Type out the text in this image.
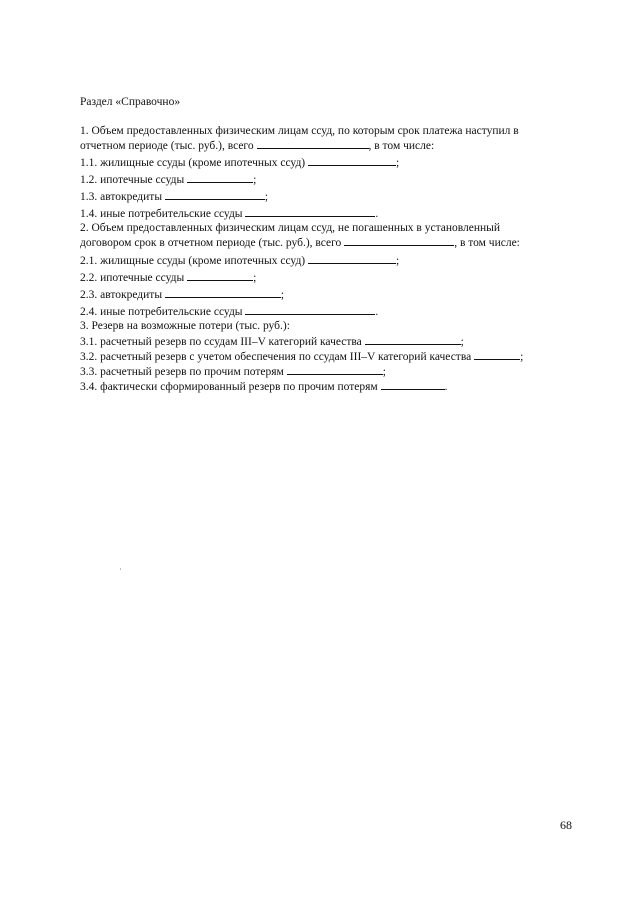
Раздел «Справочно»
1. Объем предоставленных физическим лицам ссуд, по которым срок платежа наступил в
отчетном периоде (тыс. руб.), всего	, в том числе:
1.1. жилищные ссуды (кроме ипотечных ссуд)	;
1.2. ипотечные ссуды	;
1.3. автокредиты	;
1.4. иные потребительские ссуды	.
2. Объем предоставленных физическим лицам ссуд, не погашенных в установленный
договором срок в отчетном периоде (тыс. руб.), всего	, в том числе:
2.1. жилищные ссуды (кроме ипотечных ссуд)	;
2.2. ипотечные ссуды	;
2.3. автокредиты	;
2.4. иные потребительские ссуды	.
3. Резерв на возможные потери (тыс. руб.):
3.1. расчетный резерв по ссудам III–V категорий качества	;
3.2. расчетный резерв с учетом обеспечения по ссудам III–V категорий качества	;
3.3. расчетный резерв по прочим потерям	;
3.4. фактически сформированный резерв по прочим потерям	.
68
